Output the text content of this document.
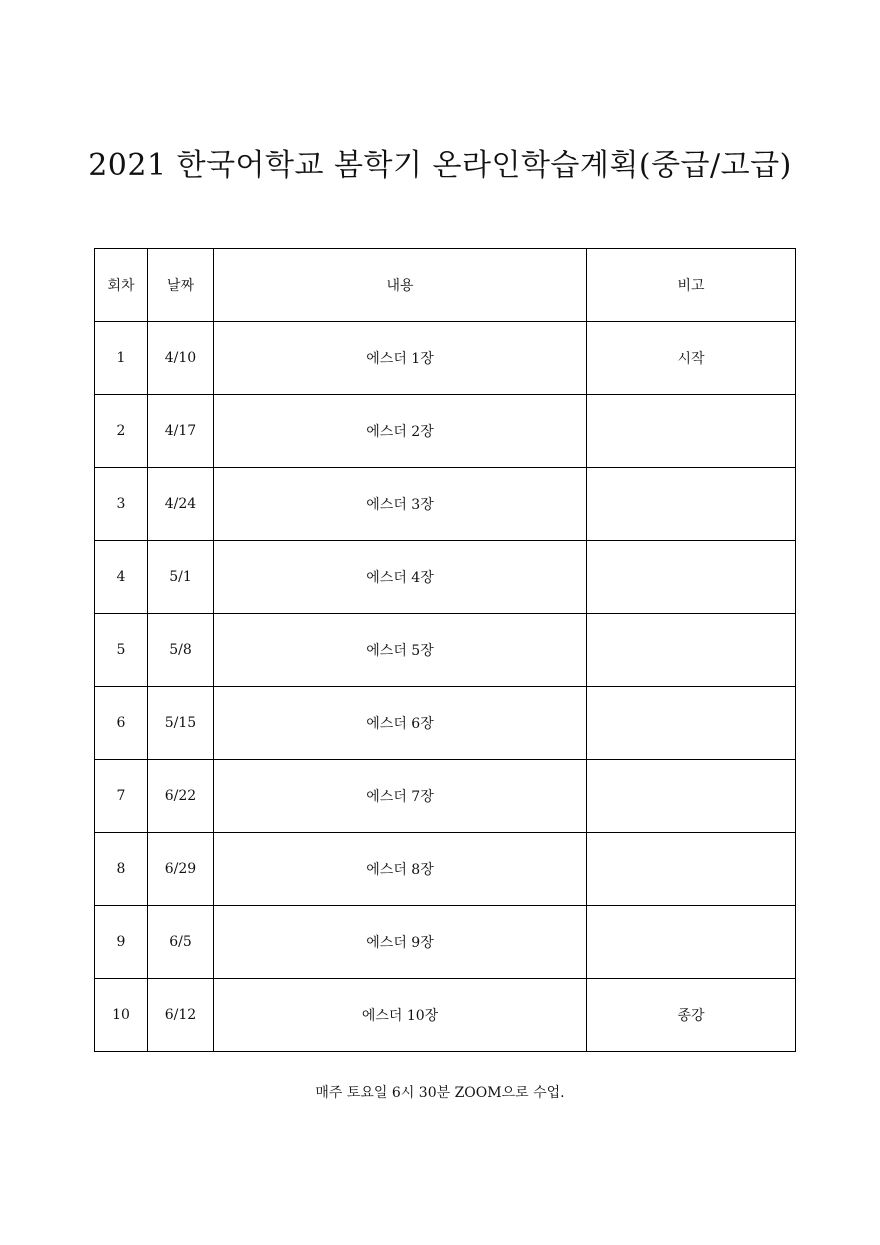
2021 한국어학교 봄학기 온라인학습계획(중급/고급)
회차	날짜	내용	비고
1	4/10	에스더 1장	시작
2	4/17	에스더 2장	
3	4/24	에스더 3장	
4	5/1	에스더 4장	
5	5/8	에스더 5장	
6	5/15	에스더 6장	
7	6/22	에스더 7장	
8	6/29	에스더 8장	
9	6/5	에스더 9장	
10	6/12	에스더 10장	종강
매주 토요일 6시 30분 ZOOM으로 수업.
